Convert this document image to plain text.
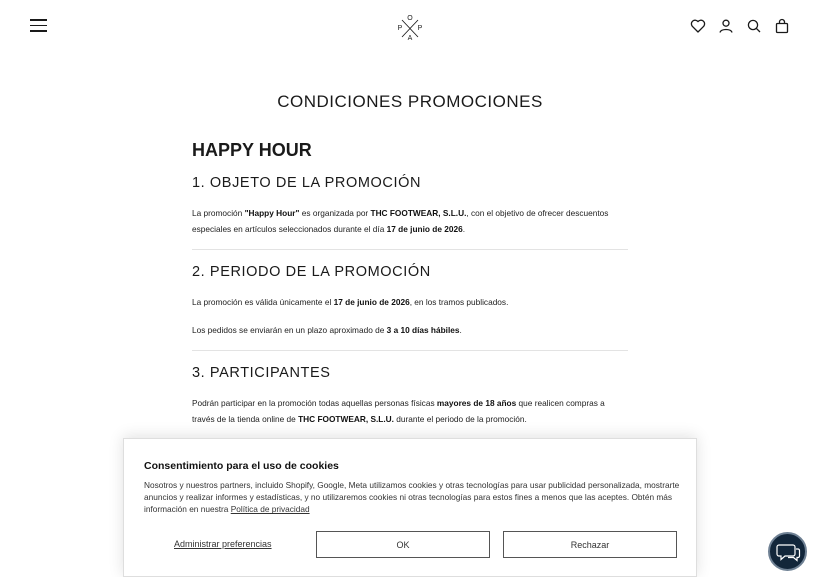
O
P P
A
CONDICIONES PROMOCIONES
HAPPY HOUR
1. OBJETO DE LA PROMOCIÓN

La promoción "Happy Hour" es organizada por THC FOOTWEAR, S.L.U., con el objetivo de ofrecer descuentos especiales en artículos seleccionados durante el día 17 de junio de 2026.

2. PERIODO DE LA PROMOCIÓN

La promoción es válida únicamente el 17 de junio de 2026, en los tramos publicados.

Los pedidos se enviarán en un plazo aproximado de 3 a 10 días hábiles.

3. PARTICIPANTES

Podrán participar en la promoción todas aquellas personas físicas mayores de 18 años que realicen compras a través de la tienda online de THC FOOTWEAR, S.L.U. durante el periodo de la promoción.

Consentimiento para el uso de cookies
Nosotros y nuestros partners, incluido Shopify, Google, Meta utilizamos cookies y otras tecnologías para usar publicidad personalizada, mostrarte anuncios y realizar informes y estadísticas, y no utilizaremos cookies ni otras tecnologías para estos fines a menos que las aceptes. Obtén más información en nuestra Política de privacidad
Administrar preferencias	OK	Rechazar
